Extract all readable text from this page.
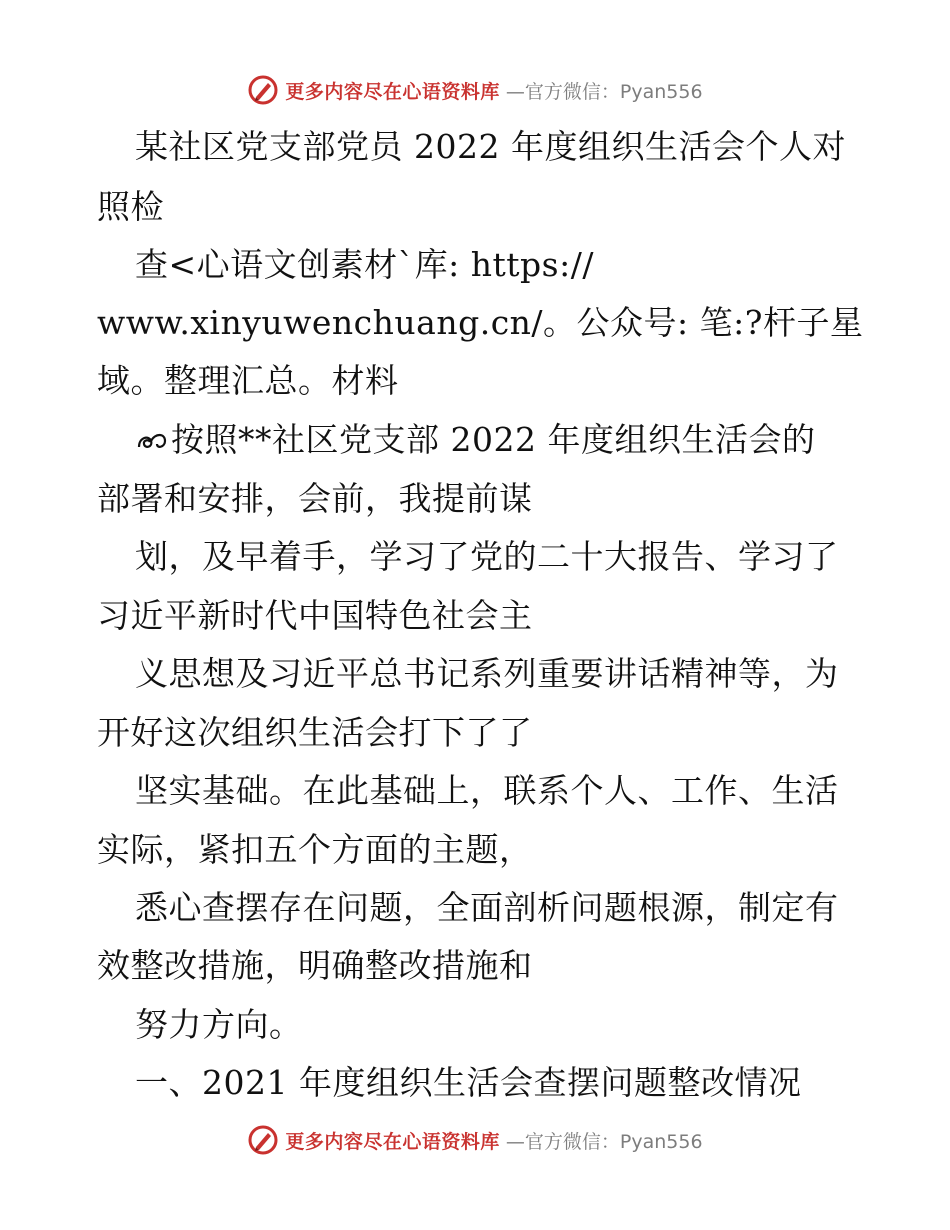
更多内容尽在心语资料库 —官方微信：Pyan556
某社区党支部党员 2022 年度组织生活会个人对
照检
查<心语文创素材`库: https://
www.xinyuwenchuang.cn/。公众号: 笔:?杆子星
域。整理汇总。材料
按照**社区党支部 2022 年度组织生活会的
部署和安排，会前，我提前谋
划，及早着手，学习了党的二十大报告、学习了
习近平新时代中国特色社会主
义思想及习近平总书记系列重要讲话精神等，为
开好这次组织生活会打下了了
坚实基础。在此基础上，联系个人、工作、生活
实际，紧扣五个方面的主题，
悉心查摆存在问题，全面剖析问题根源，制定有
效整改措施，明确整改措施和
努力方向。
一、2021 年度组织生活会查摆问题整改情况
更多内容尽在心语资料库 —官方微信：Pyan556
